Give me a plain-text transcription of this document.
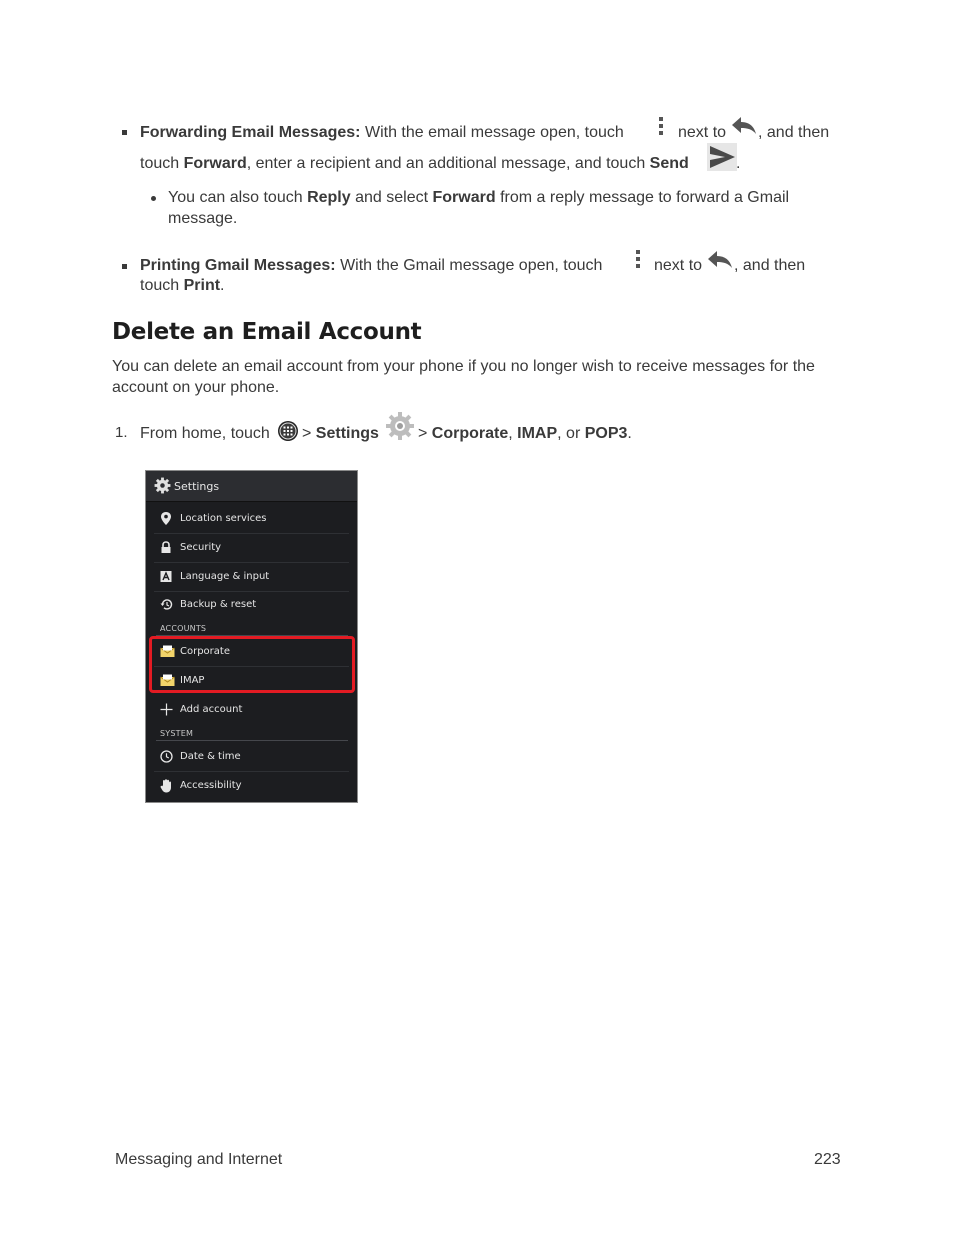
Forwarding Email Messages: With the email message open, touch	next to , and then
touch Forward, enter a recipient and an additional message, and touch Send	.
You can also touch Reply and select Forward from a reply message to forward a Gmail
message.
Printing Gmail Messages: With the Gmail message open, touch	next to , and then
touch Print.
Delete an Email Account
You can delete an email account from your phone if you no longer wish to receive messages for the
account on your phone.
1. From home, touch > Settings > Corporate, IMAP, or POP3.
Settings
Location services
Security
Language & input
Backup & reset
ACCOUNTS
Corporate
IMAP
Add account
SYSTEM
Date & time
Accessibility
Messaging and Internet	223
